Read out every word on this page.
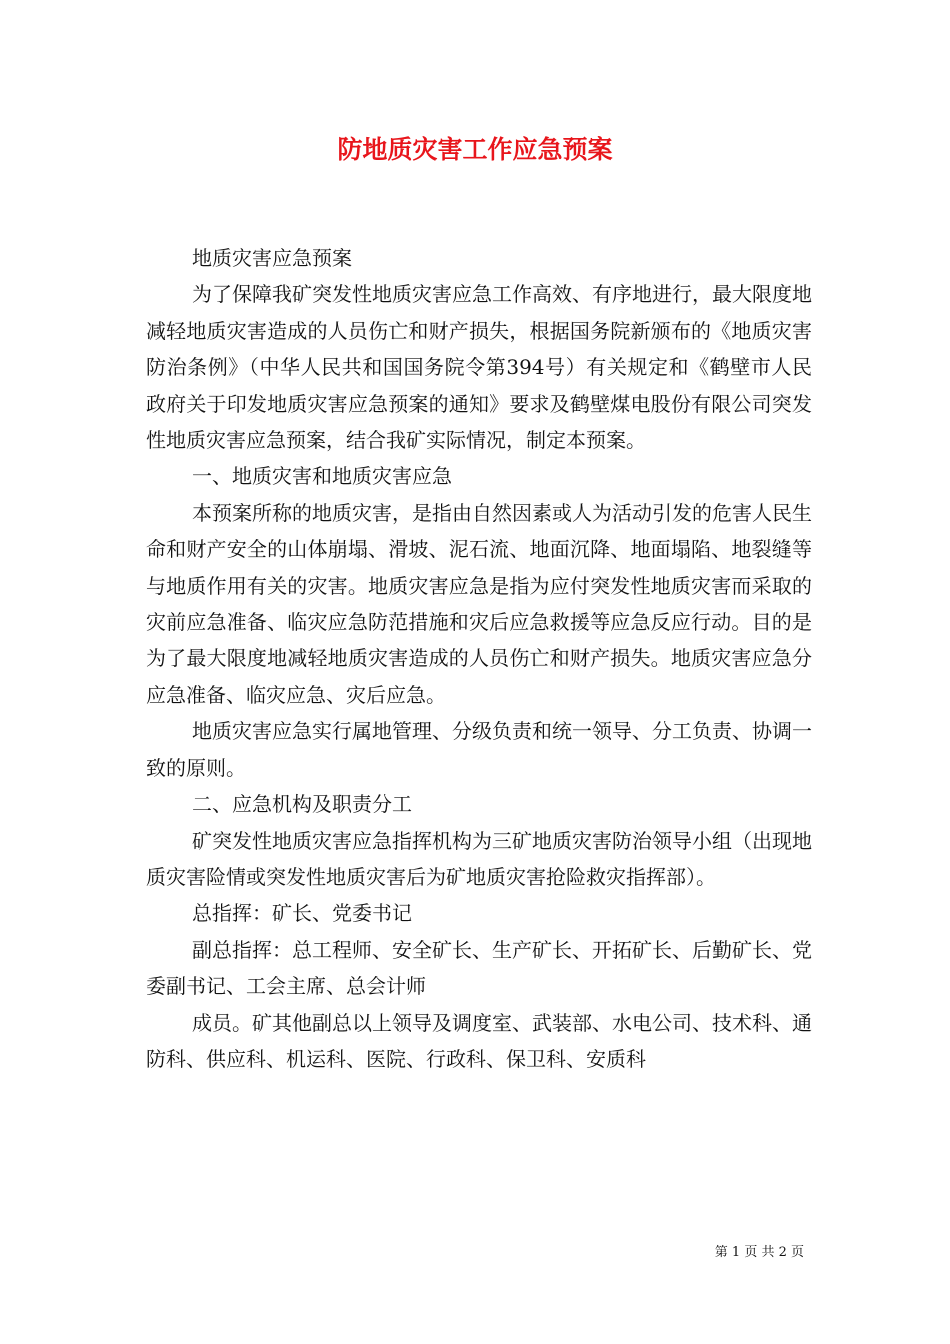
防地质灾害工作应急预案

地质灾害应急预案

为了保障我矿突发性地质灾害应急工作高效、有序地进行，最大限度地减轻地质灾害造成的人员伤亡和财产损失，根据国务院新颁布的《地质灾害防治条例》（中华人民共和国国务院令第394号）有关规定和《鹤壁市人民政府关于印发地质灾害应急预案的通知》要求及鹤壁煤电股份有限公司突发性地质灾害应急预案，结合我矿实际情况，制定本预案。

一、地质灾害和地质灾害应急

本预案所称的地质灾害，是指由自然因素或人为活动引发的危害人民生命和财产安全的山体崩塌、滑坡、泥石流、地面沉降、地面塌陷、地裂缝等与地质作用有关的灾害。地质灾害应急是指为应付突发性地质灾害而采取的灾前应急准备、临灾应急防范措施和灾后应急救援等应急反应行动。目的是为了最大限度地减轻地质灾害造成的人员伤亡和财产损失。地质灾害应急分应急准备、临灾应急、灾后应急。

地质灾害应急实行属地管理、分级负责和统一领导、分工负责、协调一致的原则。

二、应急机构及职责分工

矿突发性地质灾害应急指挥机构为三矿地质灾害防治领导小组（出现地质灾害险情或突发性地质灾害后为矿地质灾害抢险救灾指挥部）。

总指挥：矿长、党委书记

副总指挥：总工程师、安全矿长、生产矿长、开拓矿长、后勤矿长、党委副书记、工会主席、总会计师

成员。矿其他副总以上领导及调度室、武装部、水电公司、技术科、通防科、供应科、机运科、医院、行政科、保卫科、安质科

第 1 页 共 2 页
